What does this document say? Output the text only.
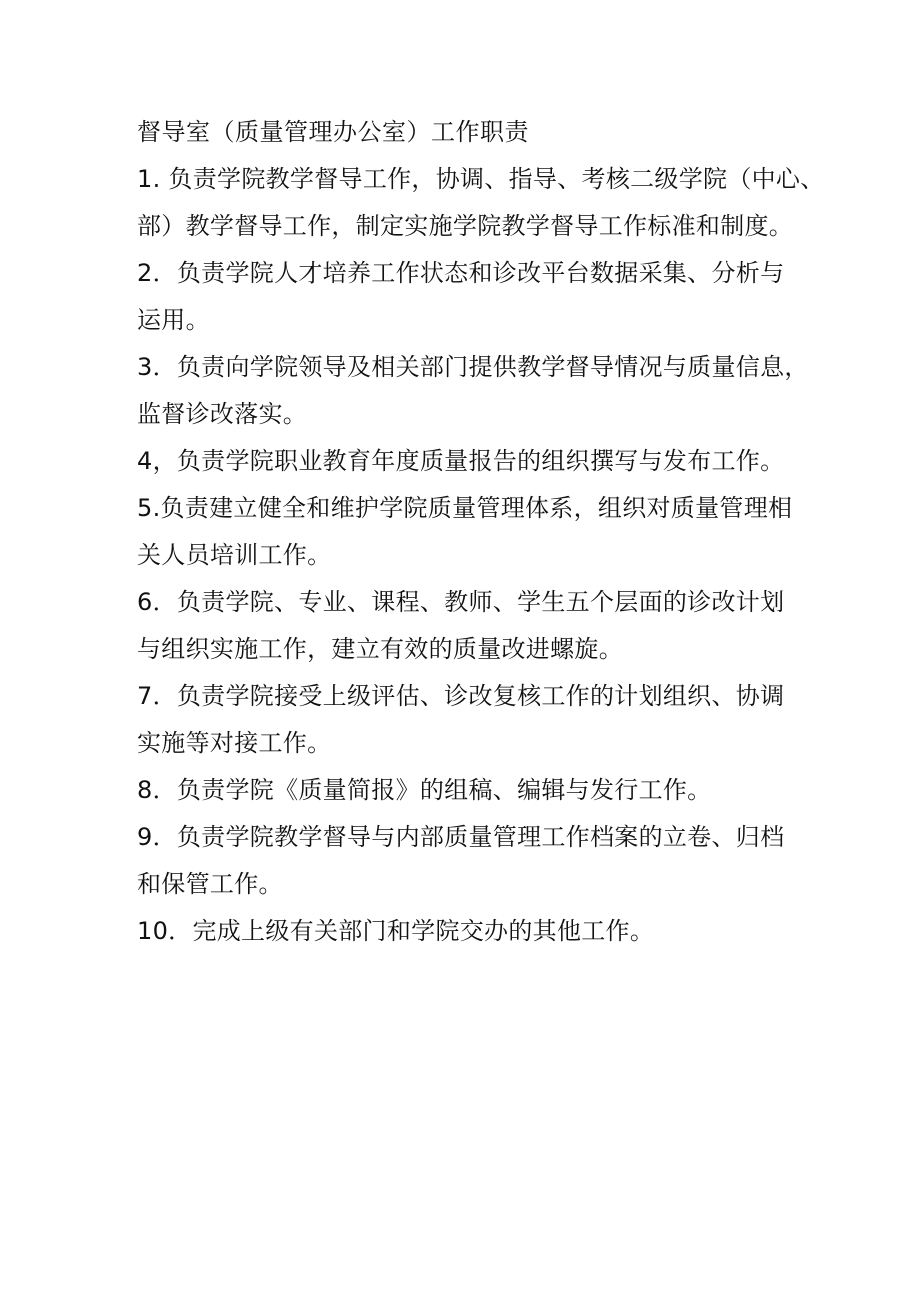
督导室（质量管理办公室）工作职责
1. 负责学院教学督导工作，协调、指导、考核二级学院（中心、
部）教学督导工作，制定实施学院教学督导工作标准和制度。
2．负责学院人才培养工作状态和诊改平台数据采集、分析与
运用。
3．负责向学院领导及相关部门提供教学督导情况与质量信息，
监督诊改落实。
4，负责学院职业教育年度质量报告的组织撰写与发布工作。
5.负责建立健全和维护学院质量管理体系，组织对质量管理相
关人员培训工作。
6．负责学院、专业、课程、教师、学生五个层面的诊改计划
与组织实施工作，建立有效的质量改进螺旋。
7．负责学院接受上级评估、诊改复核工作的计划组织、协调
实施等对接工作。
8．负责学院《质量简报》的组稿、编辑与发行工作。
9．负责学院教学督导与内部质量管理工作档案的立卷、归档
和保管工作。
10．完成上级有关部门和学院交办的其他工作。
